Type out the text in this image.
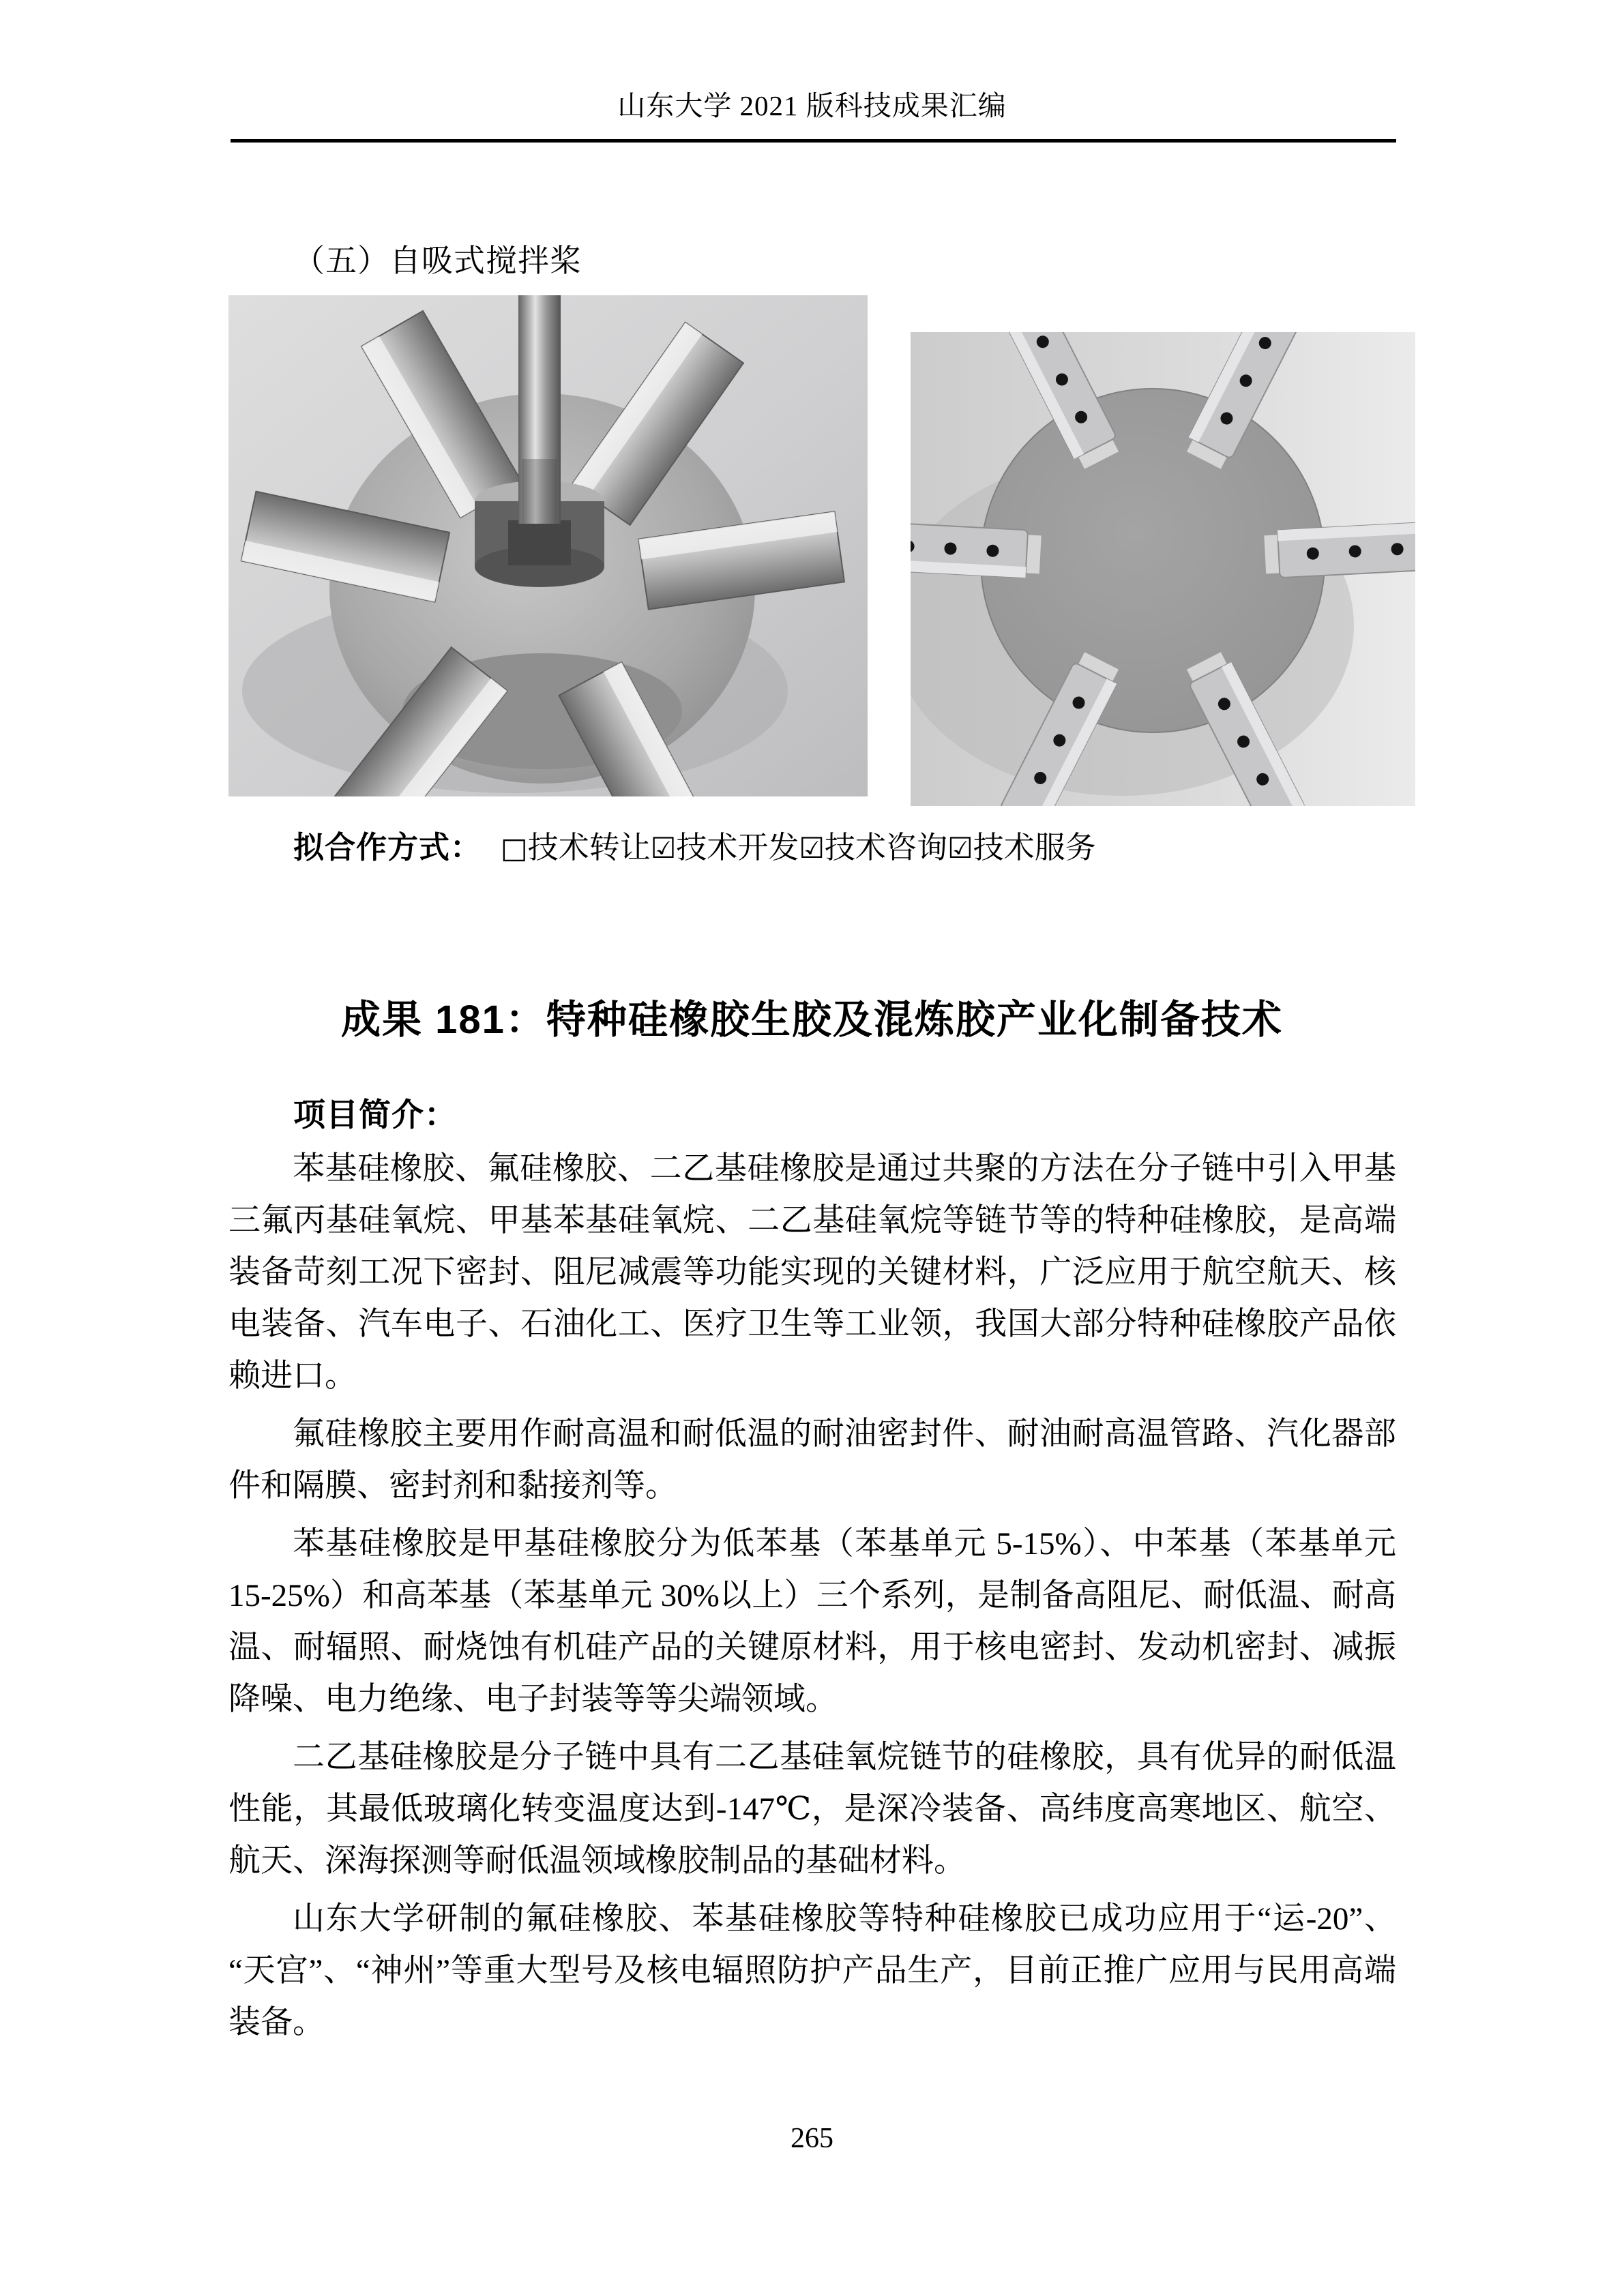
山东大学 2021 版科技成果汇编
（五）自吸式搅拌桨
拟合作方式： □技术转让☑技术开发☑技术咨询☑技术服务
成果 181：特种硅橡胶生胶及混炼胶产业化制备技术
项目简介：

苯基硅橡胶、氟硅橡胶、二乙基硅橡胶是通过共聚的方法在分子链中引入甲基三氟丙基硅氧烷、甲基苯基硅氧烷、二乙基硅氧烷等链节等的特种硅橡胶，是高端装备苛刻工况下密封、阻尼减震等功能实现的关键材料，广泛应用于航空航天、核电装备、汽车电子、石油化工、医疗卫生等工业领，我国大部分特种硅橡胶产品依赖进口。

氟硅橡胶主要用作耐高温和耐低温的耐油密封件、耐油耐高温管路、汽化器部件和隔膜、密封剂和黏接剂等。

苯基硅橡胶是甲基硅橡胶分为低苯基（苯基单元 5-15%）、中苯基（苯基单元 15-25%）和高苯基（苯基单元 30%以上）三个系列，是制备高阻尼、耐低温、耐高温、耐辐照、耐烧蚀有机硅产品的关键原材料，用于核电密封、发动机密封、减振降噪、电力绝缘、电子封装等等尖端领域。

二乙基硅橡胶是分子链中具有二乙基硅氧烷链节的硅橡胶，具有优异的耐低温性能，其最低玻璃化转变温度达到-147℃，是深冷装备、高纬度高寒地区、航空、航天、深海探测等耐低温领域橡胶制品的基础材料。

山东大学研制的氟硅橡胶、苯基硅橡胶等特种硅橡胶已成功应用于“运-20”、“天宫”、“神州”等重大型号及核电辐照防护产品生产，目前正推广应用与民用高端装备。

265
